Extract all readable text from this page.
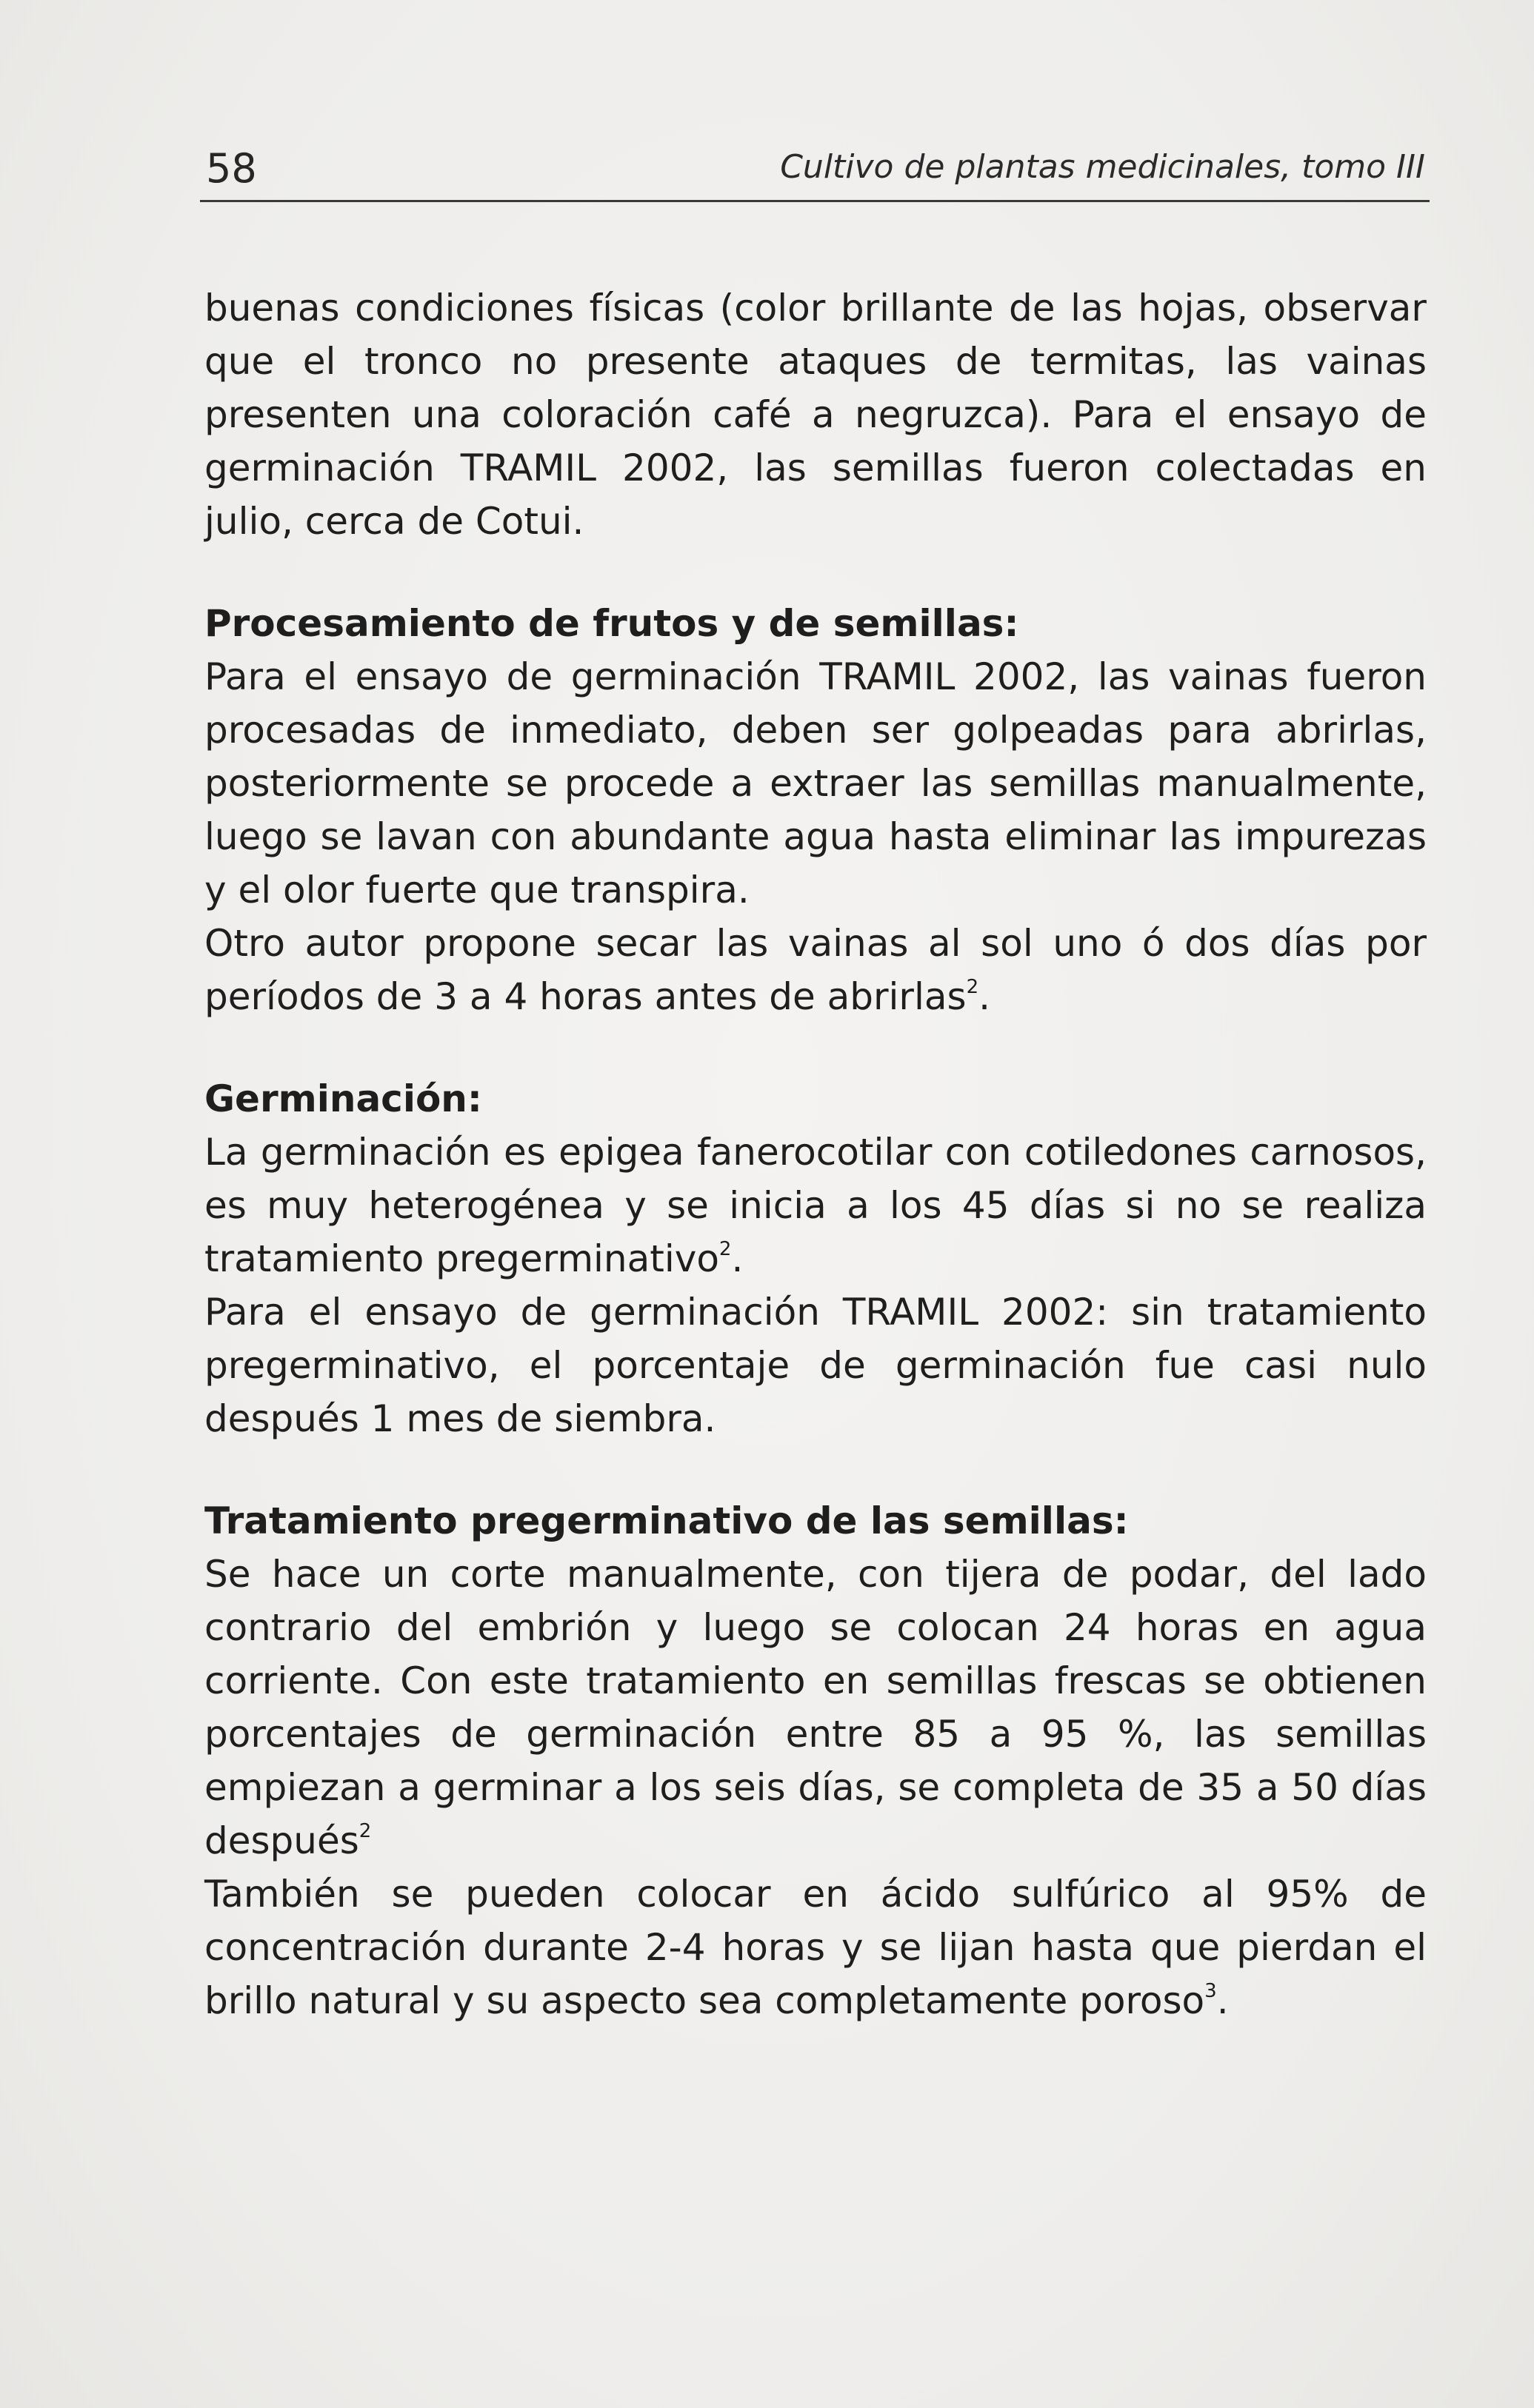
58	Cultivo de plantas medicinales, tomo III

buenas condiciones físicas (color brillante de las hojas, observar que el tronco no presente ataques de termitas, las vainas presenten una coloración café a negruzca). Para el ensayo de germinación TRAMIL 2002, las semillas fueron colectadas en julio, cerca de Cotui.

Procesamiento de frutos y de semillas:

Para el ensayo de germinación TRAMIL 2002, las vainas fueron procesadas de inmediato, deben ser golpeadas para abrirlas, posteriormente se procede a extraer las semillas manualmente, luego se lavan con abundante agua hasta eliminar las impurezas y el olor fuerte que transpira.

Otro autor propone secar las vainas al sol uno ó dos días por períodos de 3 a 4 horas antes de abrirlas$^2$.

Germinación:

La germinación es epigea fanerocotilar con cotiledones carnosos, es muy heterogénea y se inicia a los 45 días si no se realiza tratamiento pregerminativo$^2$.

Para el ensayo de germinación TRAMIL 2002: sin tratamiento pregerminativo, el porcentaje de germinación fue casi nulo después 1 mes de siembra.

Tratamiento pregerminativo de las semillas:

Se hace un corte manualmente, con tijera de podar, del lado contrario del embrión y luego se colocan 24 horas en agua corriente. Con este tratamiento en semillas frescas se obtienen porcentajes de germinación entre 85 a 95 %, las semillas empiezan a germinar a los seis días, se completa de 35 a 50 días después$^2$

También se pueden colocar en ácido sulfúrico al 95% de concentración durante 2-4 horas y se lijan hasta que pierdan el brillo natural y su aspecto sea completamente poroso$^3$.
